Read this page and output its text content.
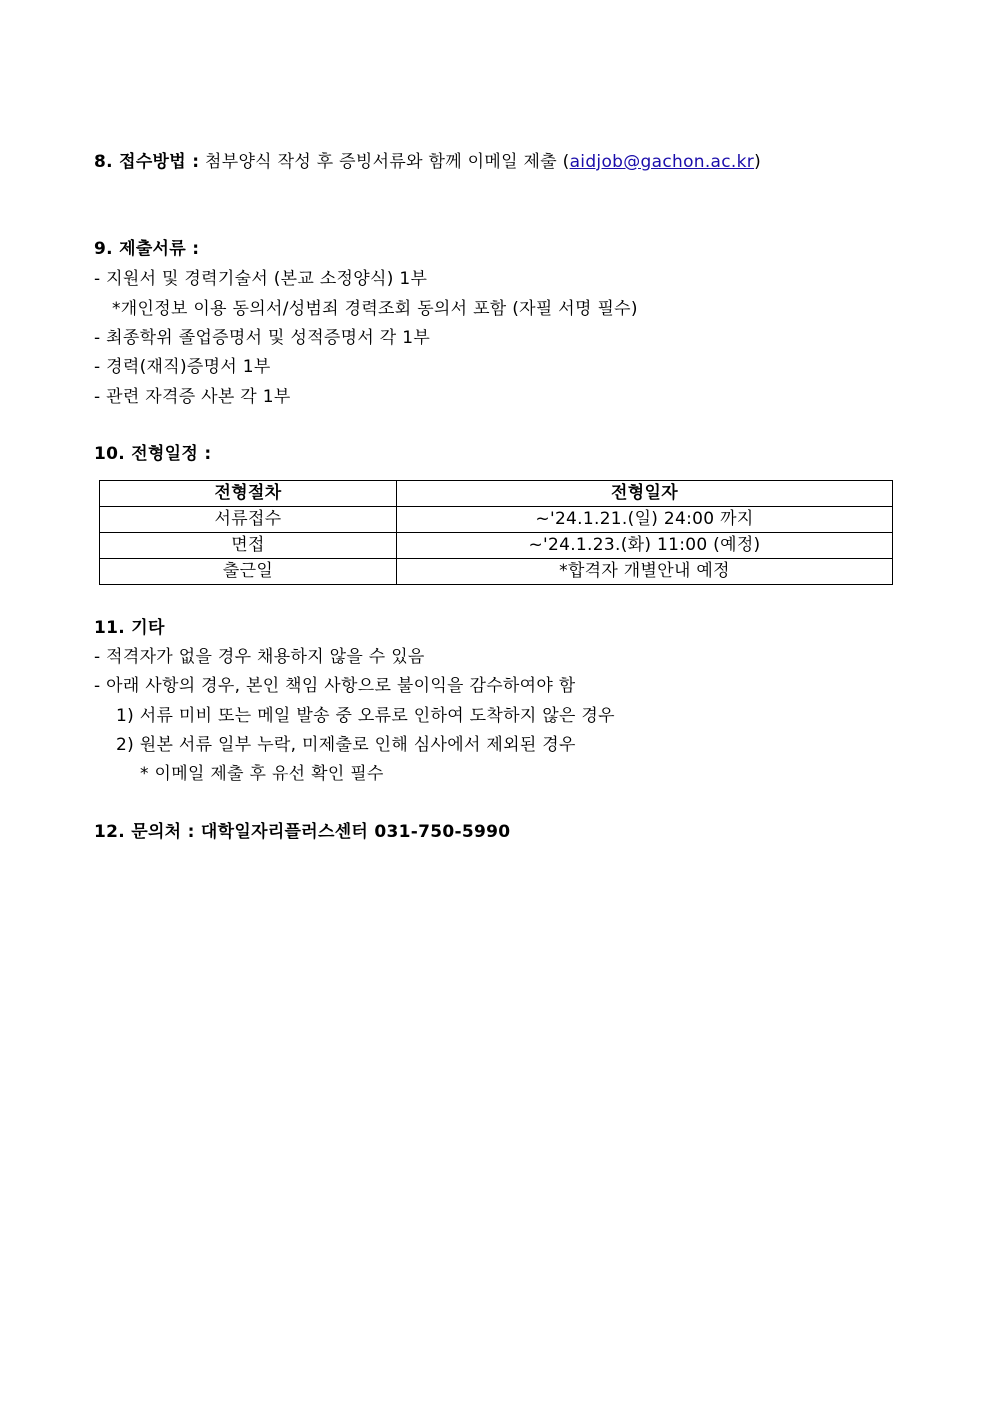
8. 접수방법 : 첨부양식 작성 후 증빙서류와 함께 이메일 제출 (aidjob@gachon.ac.kr)
9. 제출서류 :
- 지원서 및 경력기술서 (본교 소정양식) 1부
*개인정보 이용 동의서/성범죄 경력조회 동의서 포함 (자필 서명 필수)
- 최종학위 졸업증명서 및 성적증명서 각 1부
- 경력(재직)증명서 1부
- 관련 자격증 사본 각 1부
10. 전형일정 :
전형절차	전형일자
서류접수	~'24.1.21.(일) 24:00 까지
면접	~'24.1.23.(화) 11:00 (예정)
출근일	*합격자 개별안내 예정
11. 기타
- 적격자가 없을 경우 채용하지 않을 수 있음
- 아래 사항의 경우, 본인 책임 사항으로 불이익을 감수하여야 함
1) 서류 미비 또는 메일 발송 중 오류로 인하여 도착하지 않은 경우
2) 원본 서류 일부 누락, 미제출로 인해 심사에서 제외된 경우
* 이메일 제출 후 유선 확인 필수
12. 문의처 : 대학일자리플러스센터 031-750-5990
